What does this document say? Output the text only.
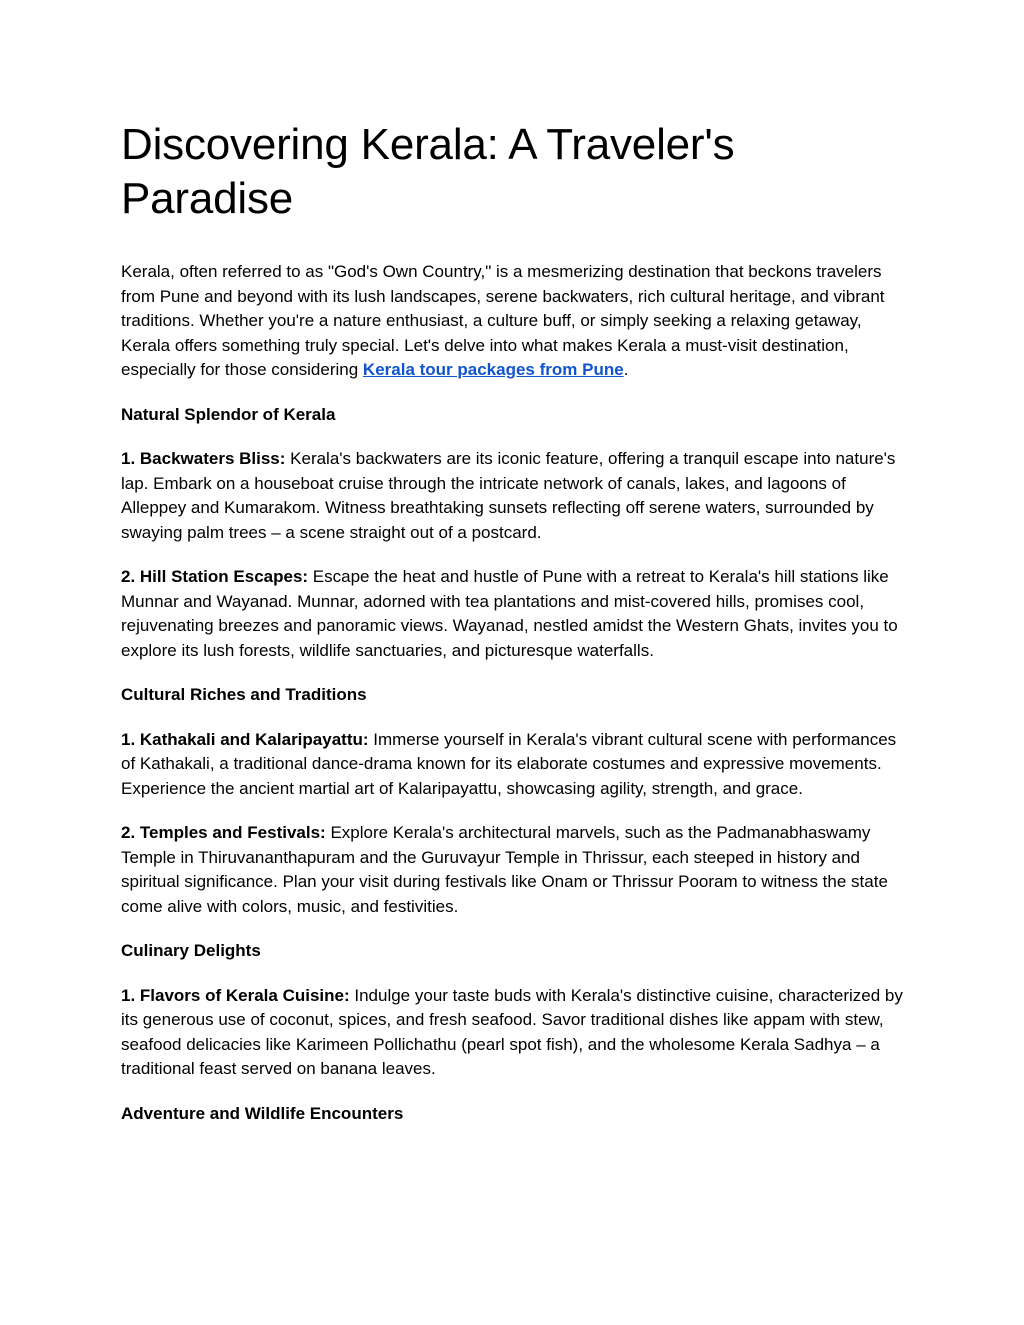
Discovering Kerala: A Traveler's Paradise

Kerala, often referred to as "God's Own Country," is a mesmerizing destination that beckons travelers from Pune and beyond with its lush landscapes, serene backwaters, rich cultural heritage, and vibrant traditions. Whether you're a nature enthusiast, a culture buff, or simply seeking a relaxing getaway, Kerala offers something truly special. Let's delve into what makes Kerala a must-visit destination, especially for those considering Kerala tour packages from Pune.

Natural Splendor of Kerala

1. Backwaters Bliss: Kerala's backwaters are its iconic feature, offering a tranquil escape into nature's lap. Embark on a houseboat cruise through the intricate network of canals, lakes, and lagoons of Alleppey and Kumarakom. Witness breathtaking sunsets reflecting off serene waters, surrounded by swaying palm trees – a scene straight out of a postcard.

2. Hill Station Escapes: Escape the heat and hustle of Pune with a retreat to Kerala's hill stations like Munnar and Wayanad. Munnar, adorned with tea plantations and mist-covered hills, promises cool, rejuvenating breezes and panoramic views. Wayanad, nestled amidst the Western Ghats, invites you to explore its lush forests, wildlife sanctuaries, and picturesque waterfalls.

Cultural Riches and Traditions

1. Kathakali and Kalaripayattu: Immerse yourself in Kerala's vibrant cultural scene with performances of Kathakali, a traditional dance-drama known for its elaborate costumes and expressive movements. Experience the ancient martial art of Kalaripayattu, showcasing agility, strength, and grace.

2. Temples and Festivals: Explore Kerala's architectural marvels, such as the Padmanabhaswamy Temple in Thiruvananthapuram and the Guruvayur Temple in Thrissur, each steeped in history and spiritual significance. Plan your visit during festivals like Onam or Thrissur Pooram to witness the state come alive with colors, music, and festivities.

Culinary Delights

1. Flavors of Kerala Cuisine: Indulge your taste buds with Kerala's distinctive cuisine, characterized by its generous use of coconut, spices, and fresh seafood. Savor traditional dishes like appam with stew, seafood delicacies like Karimeen Pollichathu (pearl spot fish), and the wholesome Kerala Sadhya – a traditional feast served on banana leaves.

Adventure and Wildlife Encounters
